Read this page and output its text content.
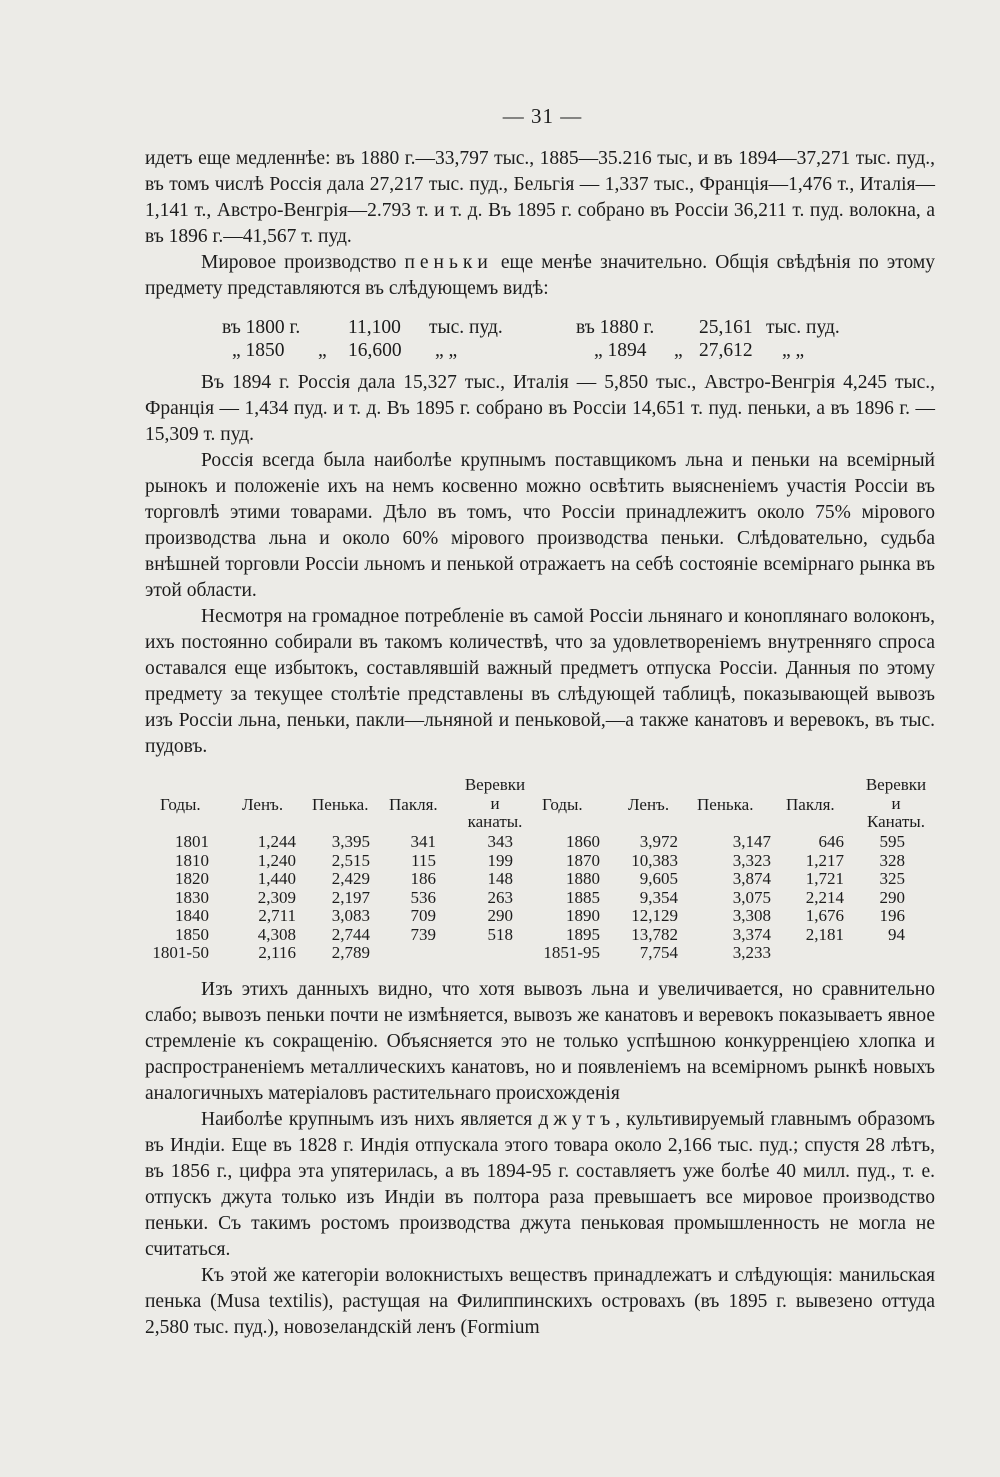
— 31 —

идетъ еще медленнѣе: въ 1880 г.—33,797 тыс., 1885—35.216 тыс, и въ 1894—37,271 тыс. пуд., въ томъ числѣ Россія дала 27,217 тыс. пуд., Бельгія — 1,337 тыс., Франція—1,476 т., Италія—1,141 т., Австро-Венгрія—2.793 т. и т. д. Въ 1895 г. собрано въ Россіи 36,211 т. пуд. волокна, а въ 1896 г.—41,567 т. пуд.

Мировое производство пеньки еще менѣе значительно. Общія свѣдѣнія по этому предмету представляются въ слѣдующемъ видѣ:

въ 1800 г. 11,100 тыс. пуд.	въ 1880 г. 25,161 тыс. пуд.
„ 1850 „ 16,600 „ „	„ 1894 „ 27,612 „ „

Въ 1894 г. Россія дала 15,327 тыс., Италія — 5,850 тыс., Австро-Венгрія 4,245 тыс., Франція — 1,434 пуд. и т. д. Въ 1895 г. собрано въ Россіи 14,651 т. пуд. пеньки, а въ 1896 г. — 15,309 т. пуд.

Россія всегда была наиболѣе крупнымъ поставщикомъ льна и пеньки на всемірный рынокъ и положеніе ихъ на немъ косвенно можно освѣтить выясненіемъ участія Россіи въ торговлѣ этими товарами. Дѣло въ томъ, что Россіи принадлежитъ около 75% мірового производства льна и около 60% мірового производства пеньки. Слѣдовательно, судьба внѣшней торговли Россіи льномъ и пенькой отражаетъ на себѣ состояніе всемірнаго рынка въ этой области.

Несмотря на громадное потребленіе въ самой Россіи льнянаго и коноплянаго волоконъ, ихъ постоянно собирали въ такомъ количествѣ, что за удовлетвореніемъ внутренняго спроса оставался еще избытокъ, составлявшій важный предметъ отпуска Россіи. Данныя по этому предмету за текущее столѣтіе представлены въ слѣдующей таблицѣ, показывающей вывозъ изъ Россіи льна, пеньки, пакли—льняной и пеньковой,—а также канатовъ и веревокъ, въ тыс. пудовъ.

Годы. Ленъ. Пенька. Пакля.
Веревки
и
канаты.
Годы.	Ленъ. Пенька. Пакля.
Веревки
и
Канаты.
1801	1,244 3,395 341	343
1810	1,240 2,515 115	199
1820	1,440 2,429 186	148
1830	2,309 2,197 536	263
1840	2,711 3,083 709	290
1850	4,308 2,744 739	518
1801-50	2,116 2,789
1860 3,972	3,147	646 595
1870 10,383	3,323 1,217 328
1880 9,605	3,874 1,721 325
1885 9,354	3,075 2,214 290
1890 12,129	3,308 1,676 196
1895 13,782	3,374 2,181	94
1851-95 7,754	3,233

Изъ этихъ данныхъ видно, что хотя вывозъ льна и увеличивается, но сравнительно слабо; вывозъ пеньки почти не измѣняется, вывозъ же канатовъ и веревокъ показываетъ явное стремленіе къ сокращенію. Объясняется это не только успѣшною конкурренціею хлопка и распространеніемъ металлическихъ канатовъ, но и появленіемъ на всемірномъ рынкѣ новыхъ аналогичныхъ матеріаловъ растительнаго происхожденія

Наиболѣе крупнымъ изъ нихъ является джутъ, культивируемый главнымъ образомъ въ Индіи. Еще въ 1828 г. Индія отпускала этого товара около 2,166 тыс. пуд.; спустя 28 лѣтъ, въ 1856 г., цифра эта упятерилась, а въ 1894-95 г. составляетъ уже болѣе 40 милл. пуд., т. е. отпускъ джута только изъ Индіи въ полтора раза превышаетъ все мировое производство пеньки. Съ такимъ ростомъ производства джута пеньковая промышленность не могла не считаться.

Къ этой же категоріи волокнистыхъ веществъ принадлежатъ и слѣдующія: манильская пенька (Musa textilis), растущая на Филиппинскихъ островахъ (въ 1895 г. вывезено оттуда 2,580 тыс. пуд.), новозеландскій ленъ (Formium
